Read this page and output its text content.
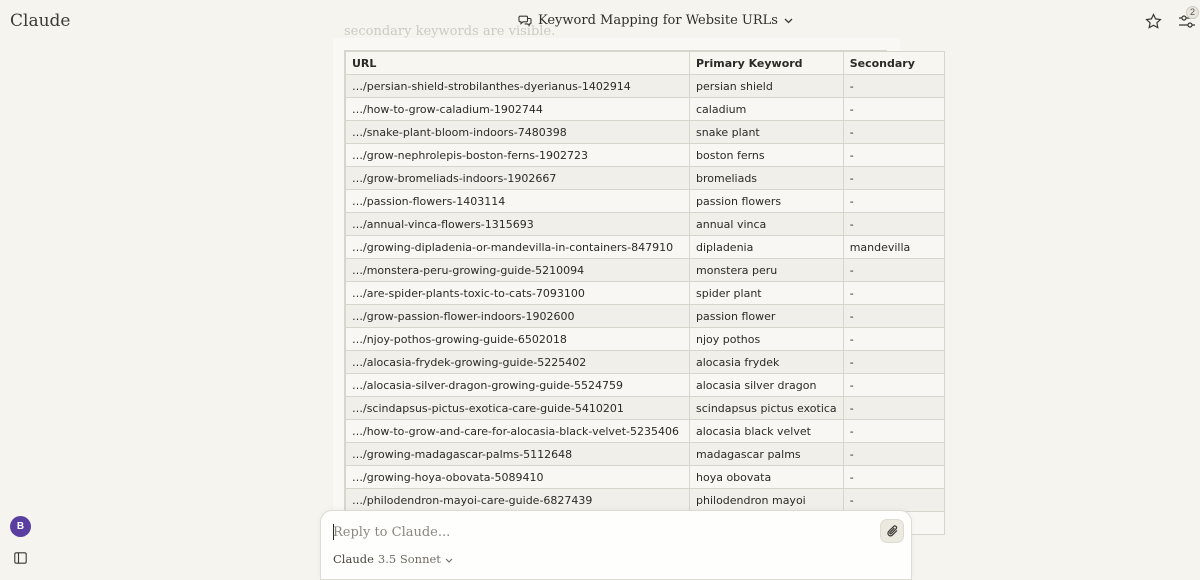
Claude	Keyword Mapping for Website URLs
2
secondary keywords are visible.
URL	Primary Keyword	Secondary
…/persian-shield-strobilanthes-dyerianus-1402914	persian shield	-
…/how-to-grow-caladium-1902744	caladium	-
…/snake-plant-bloom-indoors-7480398	snake plant	-
…/grow-nephrolepis-boston-ferns-1902723	boston ferns	-
…/grow-bromeliads-indoors-1902667	bromeliads	-
…/passion-flowers-1403114	passion flowers	-
…/annual-vinca-flowers-1315693	annual vinca	-
…/growing-dipladenia-or-mandevilla-in-containers-847910	dipladenia	mandevilla
…/monstera-peru-growing-guide-5210094	monstera peru	-
…/are-spider-plants-toxic-to-cats-7093100	spider plant	-
…/grow-passion-flower-indoors-1902600	passion flower	-
…/njoy-pothos-growing-guide-6502018	njoy pothos	-
…/alocasia-frydek-growing-guide-5225402	alocasia frydek	-
…/alocasia-silver-dragon-growing-guide-5524759	alocasia silver dragon	-
…/scindapsus-pictus-exotica-care-guide-5410201	scindapsus pictus exotica	-
…/how-to-grow-and-care-for-alocasia-black-velvet-5235406	alocasia black velvet	-
…/growing-madagascar-palms-5112648	madagascar palms	-
…/growing-hoya-obovata-5089410	hoya obovata	-
…/philodendron-mayoi-care-guide-6827439	philodendron mayoi	-

B
Reply to Claude...
Claude 3.5 Sonnet
